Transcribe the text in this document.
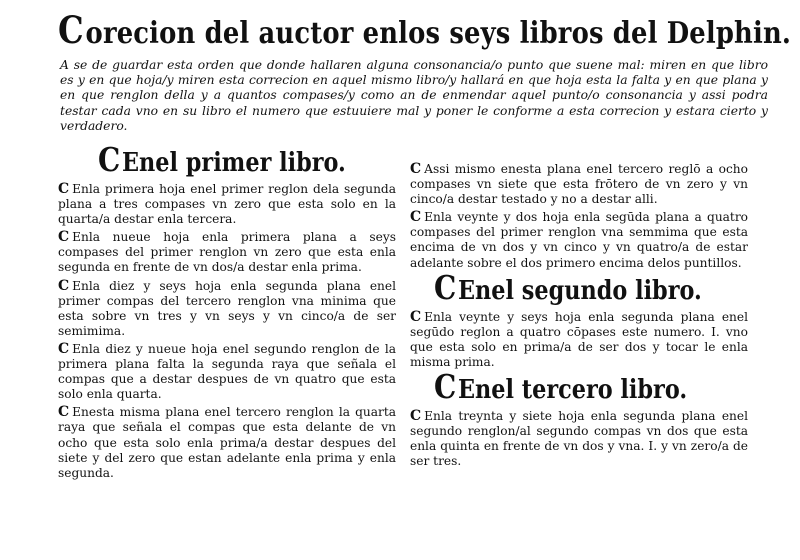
Corecion del auctor enlos seys libros del Delphin.
A se de guardar esta orden que donde hallaren alguna consonancia/o punto que suene mal: miren en que libro es y en que hoja/y miren esta correcion en aquel mismo libro/y hallará en que hoja esta la falta y en que plana y en que renglon della y a quantos compases/y como an de enmendar aquel punto/o consonancia y assi podra testar cada vno en su libro el numero que estuuiere mal y poner le conforme a esta correcion y estara cierto y verdadero.
CEnel primer libro.

C Enla primera hoja enel primer reglon dela segunda plana a tres compases vn zero que esta solo en la quarta/a destar enla tercera.

C Enla nueue hoja enla primera plana a seys compases del primer renglon vn zero que esta enla segunda en frente de vn dos/a destar enla prima.

C Enla diez y seys hoja enla segunda plana enel primer compas del tercero renglon vna minima que esta sobre vn tres y vn seys y vn cinco/a de ser semimima.

C Enla diez y nueue hoja enel segundo renglon de la primera plana falta la segunda raya que señala el compas que a destar despues de vn quatro que esta solo enla quarta.

C Enesta misma plana enel tercero renglon la quarta raya que señala el compas que esta delante de vn ocho que esta solo enla prima/a destar despues del siete y del zero que estan adelante enla prima y enla segunda.

C Assi mismo enesta plana enel tercero reglō a ocho compases vn siete que esta frōtero de vn zero y vn cinco/a destar testado y no a destar alli.

C Enla veynte y dos hoja enla segūda plana a quatro compases del primer renglon vna semmima que esta encima de vn dos y vn cinco y vn quatro/a de estar adelante sobre el dos primero encima delos puntillos.

CEnel segundo libro.

C Enla veynte y seys hoja enla segunda plana enel segūdo reglon a quatro cōpases este numero. I. vno que esta solo en prima/a de ser dos y tocar le enla misma prima.

CEnel tercero libro.

C Enla treynta y siete hoja enla segunda plana enel segundo renglon/al segundo compas vn dos que esta enla quinta en frente de vn dos y vna. I. y vn zero/a de ser tres.
